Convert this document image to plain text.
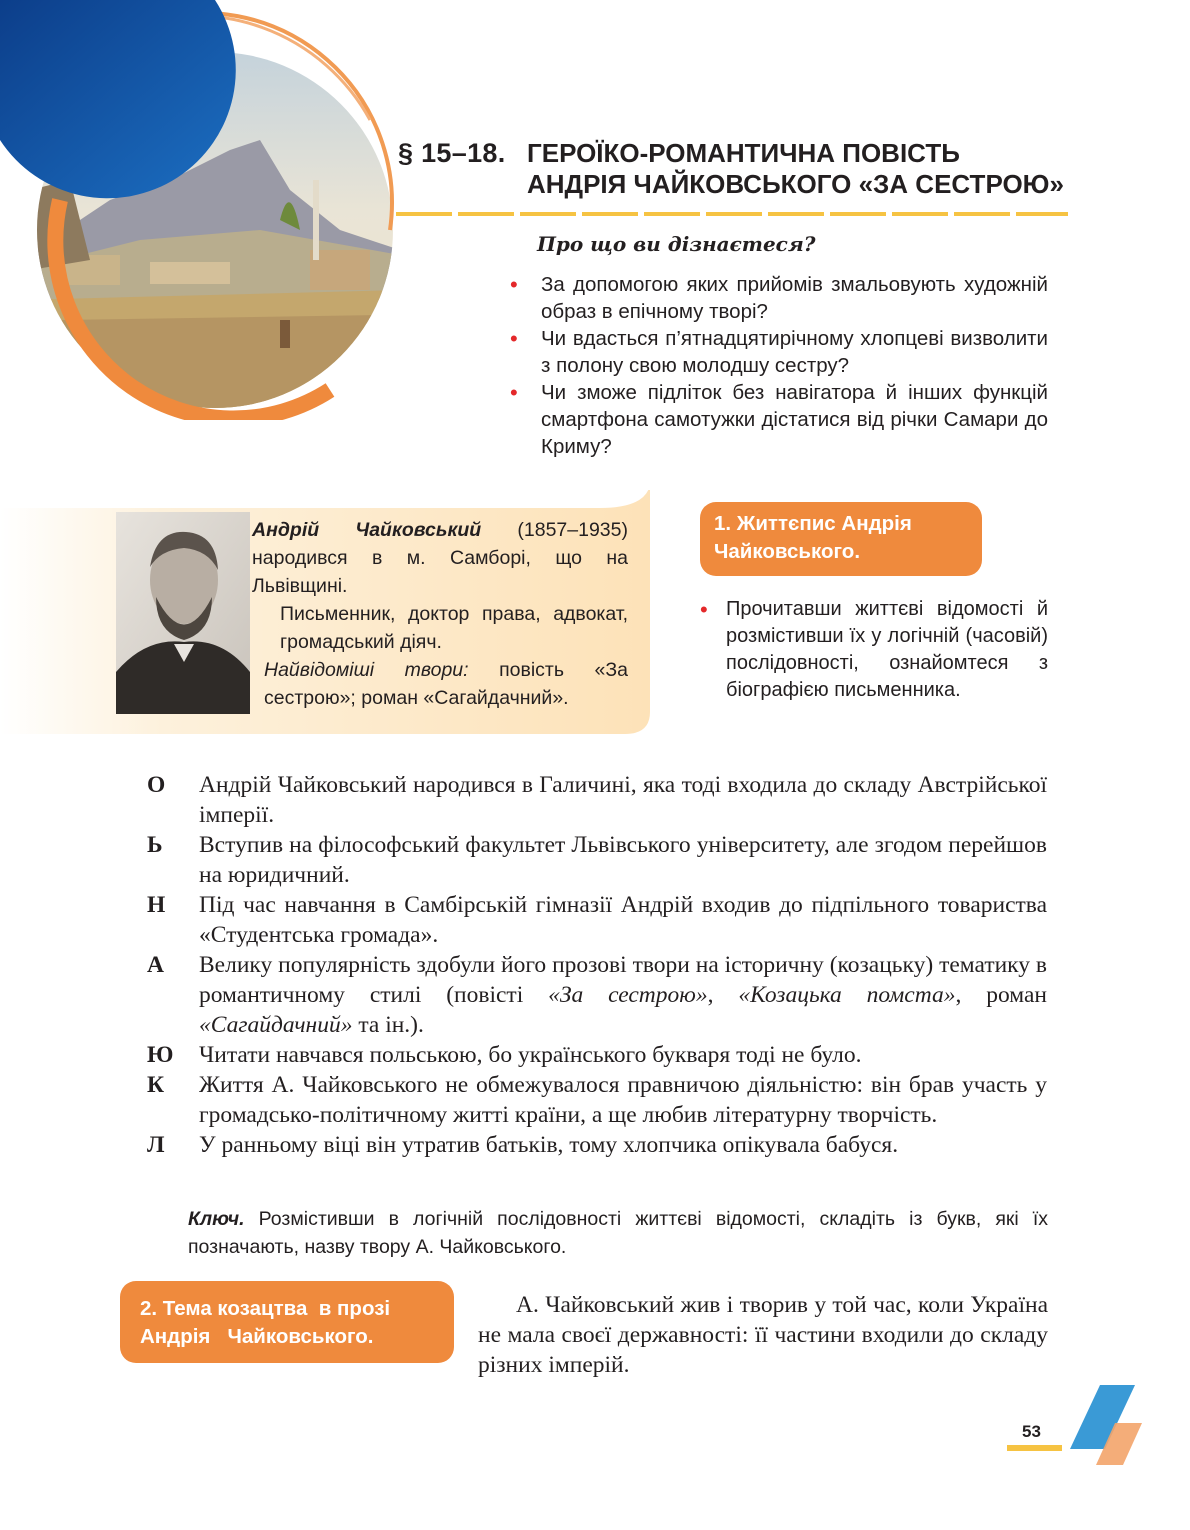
§ 15–18. ГЕРОЇКО-РОМАНТИЧНА ПОВІСТЬ
АНДРІЯ ЧАЙКОВСЬКОГО «ЗА СЕСТРОЮ»
Про що ви дізнаєтеся?
• За допомогою яких прийомів змальовують художній образ в епічному творі?
• Чи вдасться п’ятнадцятирічному хлопцеві визволити з полону свою молодшу сестру?
• Чи зможе підліток без навігатора й інших функцій смартфона самотужки дістатися від річки Самари до Криму?

Андрій Чайковський (1857–1935) народився в м. Самборі, що на Львівщині.

Письменник, доктор права, адвокат, громадський діяч.

Найвідоміші твори: повість «За сестрою»; роман «Сагайдачний».

1. Життєпис Андрія Чайковського.
• Прочитавши життєві відомості й розмістивши їх у логічній (часовій) послідовності, ознайомтеся з біографією письменника.
О Андрій Чайковський народився в Галичині, яка тоді входила до складу Австрійської імперії.
Ь Вступив на філософський факультет Львівського університету, але згодом перейшов на юридичний.
Н Під час навчання в Самбірській гімназії Андрій входив до підпільного товариства «Студентська громада».
А Велику популярність здобули його прозові твори на історичну (козацьку) тематику в романтичному стилі (повісті «За сестрою», «Козацька помста», роман «Сагайдачний» та ін.).
Ю Читати навчався польською, бо українського букваря тоді не було.
К Життя А. Чайковського не обмежувалося правничою діяльністю: він брав участь у громадсько-політичному житті країни, а ще любив літературну творчість.
Л У ранньому віці він утратив батьків, тому хлопчика опікувала бабуся.
Ключ. Розмістивши в логічній послідовності життєві відомості, складіть із букв, які їх позначають, назву твору А. Чайковського.
2. Тема козацтва  в прозі
Андрія   Чайковського.
А. Чайковський жив і творив у той час, коли Україна не мала своєї державності: її частини входили до складу різних імперій.
53
